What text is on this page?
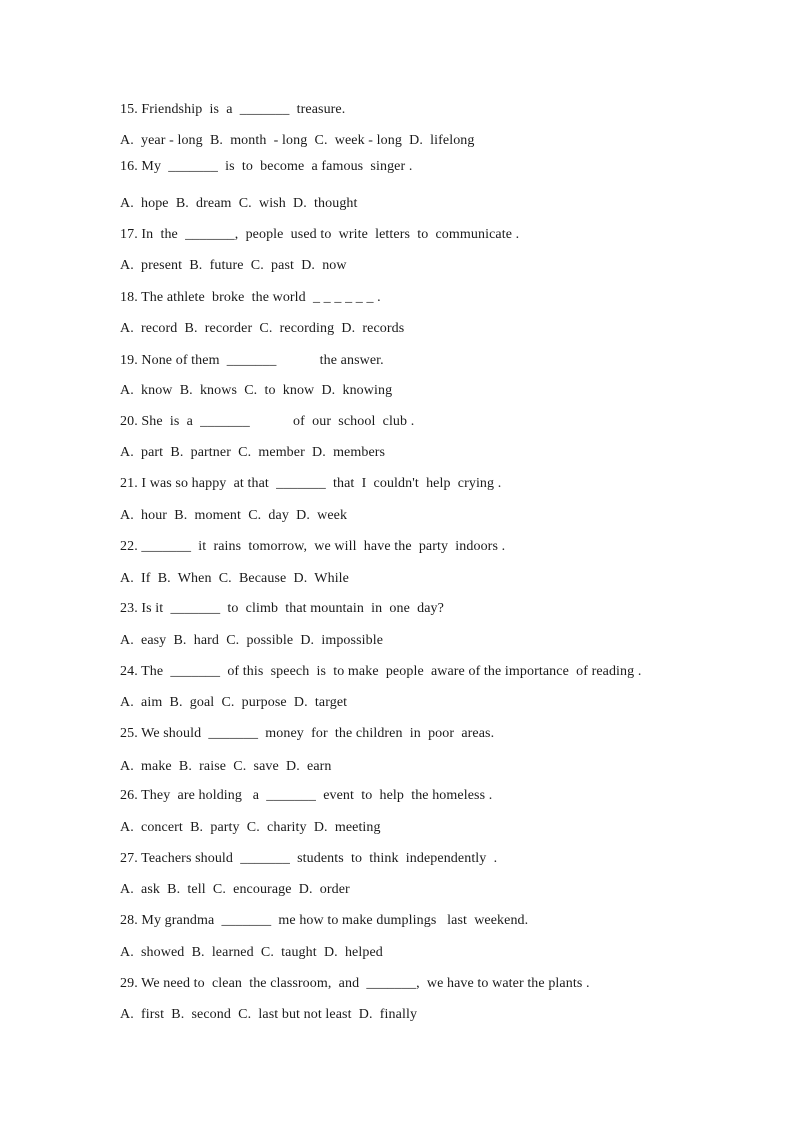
15. Friendship  is  a  _______  treasure.
A.  year - long  B.  month  - long  C.  week - long  D.  lifelong
16. My  _______  is  to  become  a famous  singer .
A.  hope  B.  dream  C.  wish  D.  thought
17. In  the  _______,  people  used to  write  letters  to  communicate .
A.  present  B.  future  C.  past  D.  now
18. The athlete  broke  the world  _ _ _ _ _ _ .
A.  record  B.  recorder  C.  recording  D.  records
19. None of them  _______            the answer.
A.  know  B.  knows  C.  to  know  D.  knowing
20. She  is  a  _______            of  our  school  club .
A.  part  B.  partner  C.  member  D.  members
21. I was so happy  at that  _______  that  I  couldn't  help  crying .
A.  hour  B.  moment  C.  day  D.  week
22. _______  it  rains  tomorrow,  we will  have the  party  indoors .
A.  If  B.  When  C.  Because  D.  While
23. Is it  _______  to  climb  that mountain  in  one  day?
A.  easy  B.  hard  C.  possible  D.  impossible
24. The  _______  of this  speech  is  to make  people  aware of the importance  of reading .
A.  aim  B.  goal  C.  purpose  D.  target
25. We should  _______  money  for  the children  in  poor  areas.
A.  make  B.  raise  C.  save  D.  earn
26. They  are holding   a  _______  event  to  help  the homeless .
A.  concert  B.  party  C.  charity  D.  meeting
27. Teachers should  _______  students  to  think  independently  .
A.  ask  B.  tell  C.  encourage  D.  order
28. My grandma  _______  me how to make dumplings   last  weekend.
A.  showed  B.  learned  C.  taught  D.  helped
29. We need to  clean  the classroom,  and  _______,  we have to water the plants .
A.  first  B.  second  C.  last but not least  D.  finally
